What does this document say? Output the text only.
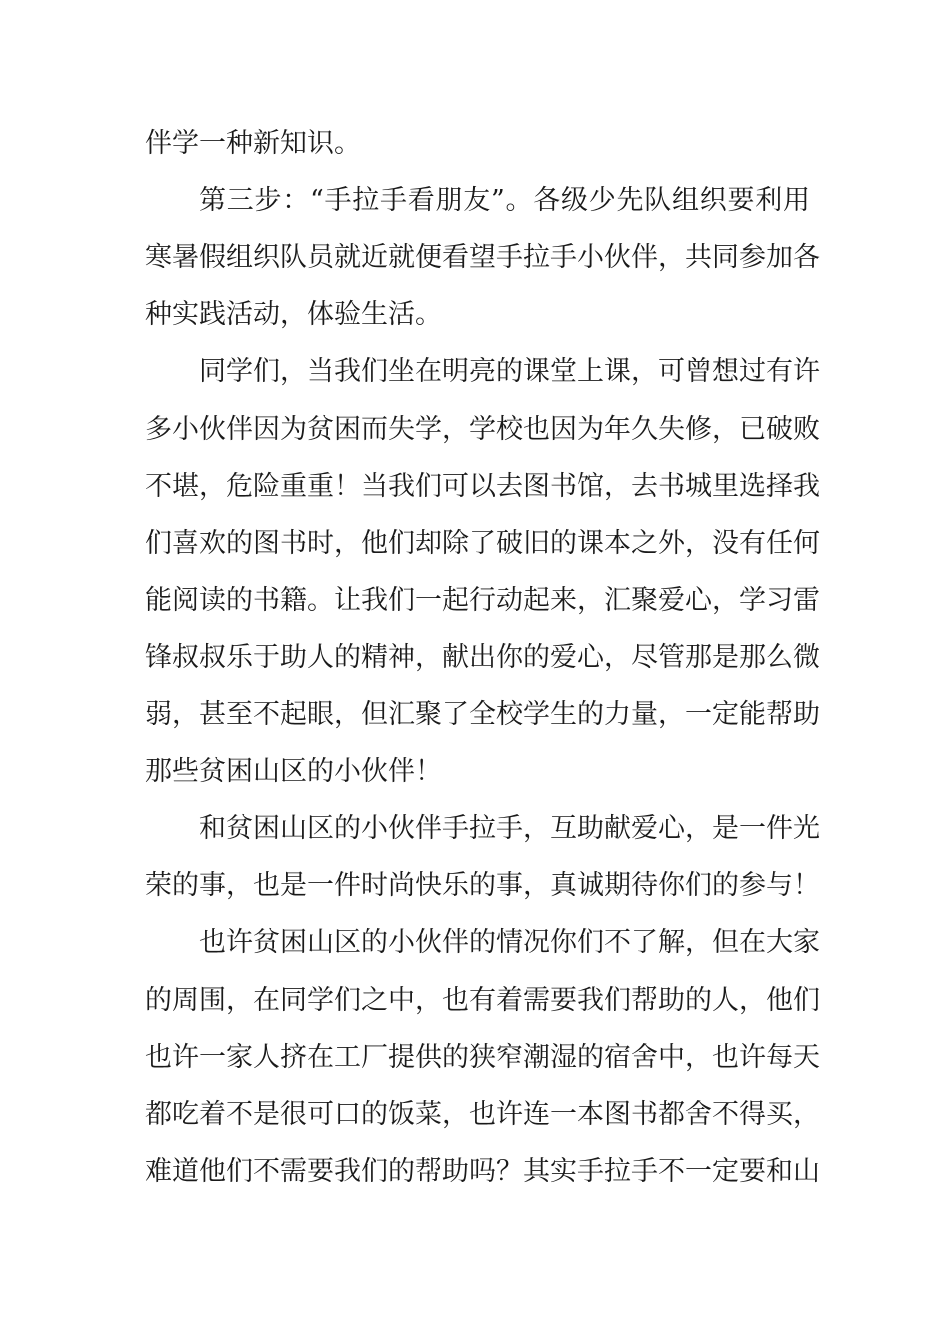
伴学一种新知识。
第三步：“手拉手看朋友”。各级少先队组织要利用
寒暑假组织队员就近就便看望手拉手小伙伴，共同参加各
种实践活动，体验生活。
同学们，当我们坐在明亮的课堂上课，可曾想过有许
多小伙伴因为贫困而失学，学校也因为年久失修，已破败
不堪，危险重重！当我们可以去图书馆，去书城里选择我
们喜欢的图书时，他们却除了破旧的课本之外，没有任何
能阅读的书籍。让我们一起行动起来，汇聚爱心，学习雷
锋叔叔乐于助人的精神，献出你的爱心，尽管那是那么微
弱，甚至不起眼，但汇聚了全校学生的力量，一定能帮助
那些贫困山区的小伙伴！
和贫困山区的小伙伴手拉手，互助献爱心，是一件光
荣的事，也是一件时尚快乐的事，真诚期待你们的参与！
也许贫困山区的小伙伴的情况你们不了解，但在大家
的周围，在同学们之中，也有着需要我们帮助的人，他们
也许一家人挤在工厂提供的狭窄潮湿的宿舍中，也许每天
都吃着不是很可口的饭菜，也许连一本图书都舍不得买，
难道他们不需要我们的帮助吗？其实手拉手不一定要和山
